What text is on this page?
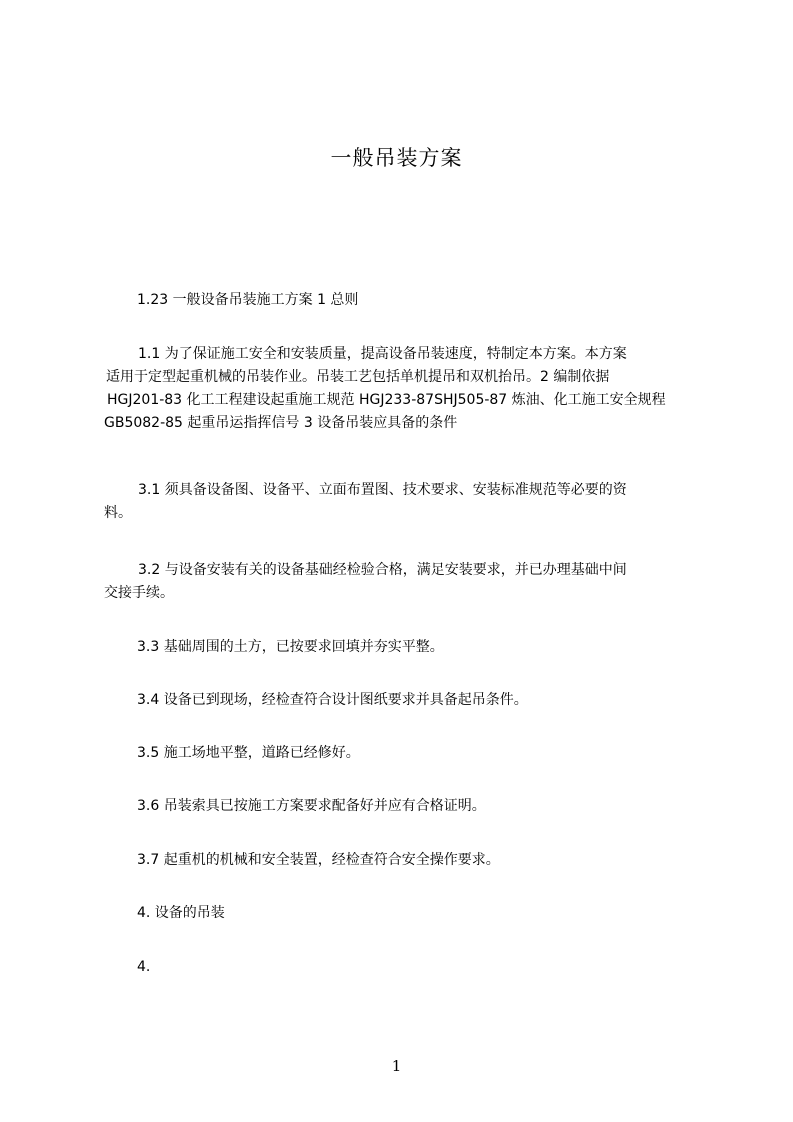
一般吊装方案
1.23 一般设备吊装施工方案 1 总则
1.1 为了保证施工安全和安装质量，提高设备吊装速度，特制定本方案。本方案
适用于定型起重机械的吊装作业。吊装工艺包括单机提吊和双机抬吊。2 编制依据
HGJ201-83 化工工程建设起重施工规范 HGJ233-87SHJ505-87 炼油、化工施工安全规程
GB5082-85 起重吊运指挥信号 3 设备吊装应具备的条件
3.1 须具备设备图、设备平、立面布置图、技术要求、安装标准规范等必要的资
料。
3.2 与设备安装有关的设备基础经检验合格，满足安装要求，并已办理基础中间
交接手续。
3.3 基础周围的土方，已按要求回填并夯实平整。
3.4 设备已到现场，经检查符合设计图纸要求并具备起吊条件。
3.5 施工场地平整，道路已经修好。
3.6 吊装索具已按施工方案要求配备好并应有合格证明。
3.7 起重机的机械和安全装置，经检查符合安全操作要求。
4. 设备的吊装
4.
1
